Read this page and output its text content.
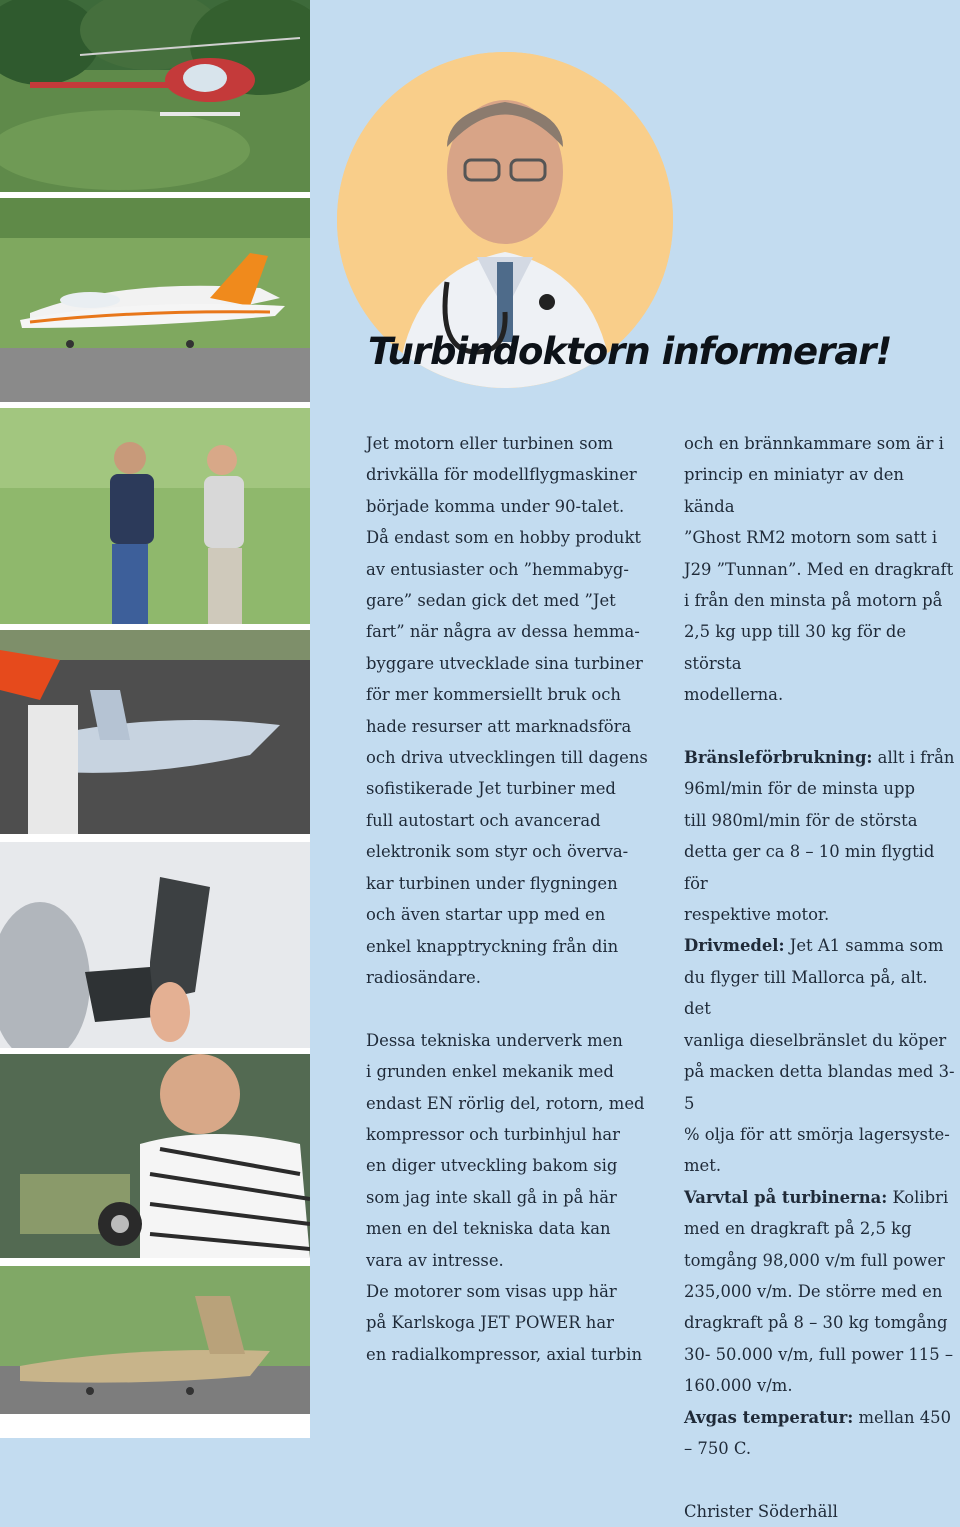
Turbindoktorn informerar!

Jet motorn eller turbinen som

drivkälla för modellflygmaskiner

började komma under 90-talet.

Då endast som en hobby produkt

av entusiaster och ”hemmabyg-

gare” sedan gick det med ”Jet

fart” när några av dessa hemma-

byggare utvecklade sina turbiner

för mer kommersiellt bruk och

hade resurser att marknadsföra

och driva utvecklingen till dagens

sofistikerade Jet turbiner med

full autostart och avancerad

elektronik som styr och överva-

kar turbinen under flygningen

och även startar upp med en

enkel knapptryckning från din

radiosändare.

Dessa tekniska underverk men

i grunden enkel mekanik med

endast EN rörlig del, rotorn, med

kompressor och turbinhjul har

en diger utveckling bakom sig

som jag inte skall gå in på här

men en del tekniska data kan

vara av intresse.

De motorer som visas upp här

på Karlskoga JET POWER har

en radialkompressor, axial turbin

och en brännkammare som är i

princip en miniatyr av den kända

”Ghost RM2 motorn som satt i

J29 ”Tunnan”. Med en dragkraft

i från den minsta på motorn på

2,5 kg upp till 30 kg för de största

modellerna.

Bränsleförbrukning: allt i från

96ml/min för de minsta upp

till 980ml/min för de största

detta ger ca 8 – 10 min flygtid för

respektive motor.

Drivmedel: Jet A1 samma som

du flyger till Mallorca på, alt. det

vanliga dieselbränslet du köper

på macken detta blandas med 3-5

% olja för att smörja lagersyste-

met.

Varvtal på turbinerna: Kolibri

med en dragkraft på 2,5 kg

tomgång 98,000 v/m full power

235,000 v/m. De större med en

dragkraft på 8 – 30 kg tomgång

30- 50.000 v/m, full power 115 –

160.000 v/m.

Avgas temperatur: mellan 450

– 750 C.

Christer Söderhäll
